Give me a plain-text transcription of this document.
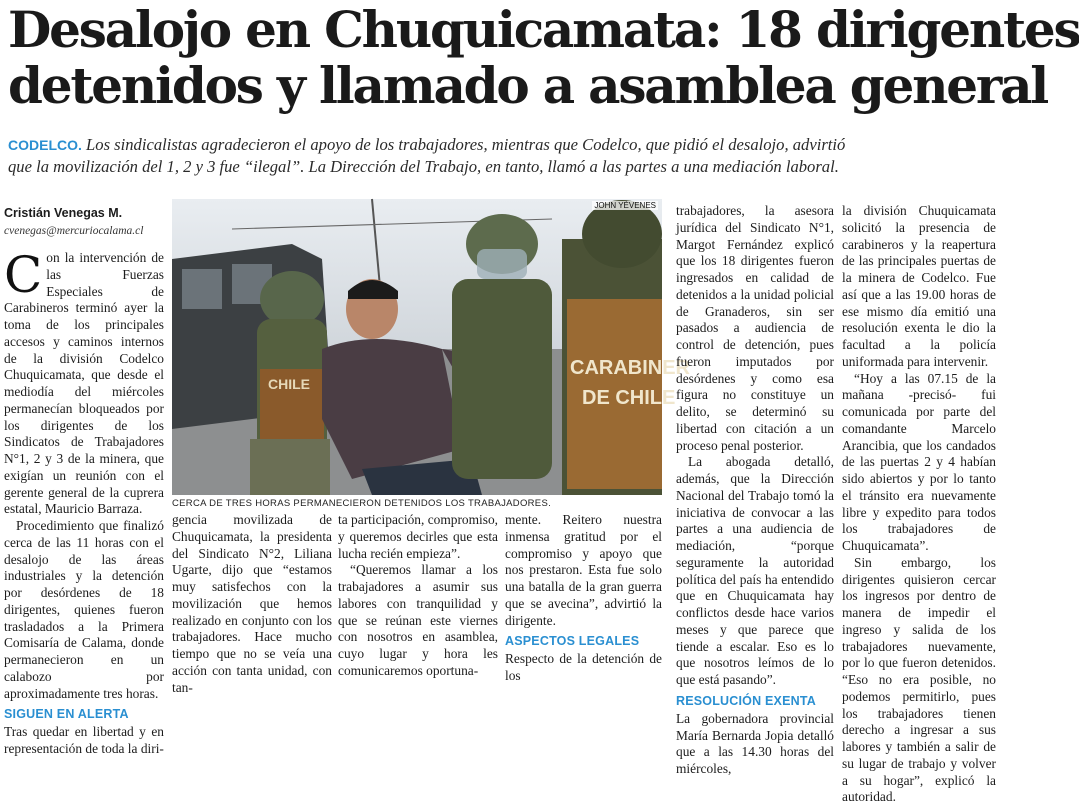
Desalojo en Chuquicamata: 18 dirigentes
detenidos y llamado a asamblea general

CODELCO. Los sindicalistas agradecieron el apoyo de los trabajadores, mientras que Codelco, que pidió el desalojo, advirtió
que la movilización del 1, 2 y 3 fue “ilegal”. La Dirección del Trabajo, en tanto, llamó a las partes a una mediación laboral.

Cristián Venegas M.
cvenegas@mercuriocalama.cl

Con la intervención de las Fuerzas Especiales de Carabineros terminó ayer la toma de los principales accesos y caminos internos de la división Codelco Chuquicamata, que desde el mediodía del miércoles permanecían bloqueados por los dirigentes de los Sindicatos de Trabajadores N°1, 2 y 3 de la minera, que exigían un reunión con el gerente general de la cuprera estatal, Mauricio Barraza.

Procedimiento que finalizó cerca de las 11 horas con el desalojo de las áreas industriales y la detención por desórdenes de 18 dirigentes, quienes fueron trasladados a la Primera Comisaría de Calama, donde permanecieron en un calabozo por aproximadamente tres horas.

SIGUEN EN ALERTA

Tras quedar en libertad y en representación de toda la diri-

CHILE
CARABINER
DE CHILE
JOHN YÉVENES

CERCA DE TRES HORAS PERMANECIERON DETENIDOS LOS TRABAJADORES.

gencia movilizada de Chuquicamata, la presidenta del Sindicato N°2, Liliana Ugarte, dijo que “estamos muy satisfechos con la movilización que hemos realizado en conjunto con los trabajadores. Hace mucho tiempo que no se veía una acción con tanta unidad, con tan-

ta participación, compromiso, y queremos decirles que esta lucha recién empieza”.

“Queremos llamar a los trabajadores a asumir sus labores con tranquilidad y que se reúnan este viernes con nosotros en asamblea, cuyo lugar y hora les comunicaremos oportuna-

mente. Reitero nuestra inmensa gratitud por el compromiso y apoyo que nos prestaron. Esta fue solo una batalla de la gran guerra que se avecina”, advirtió la dirigente.

ASPECTOS LEGALES

Respecto de la detención de los

trabajadores, la asesora jurídica del Sindicato N°1, Margot Fernández explicó que los 18 dirigentes fueron ingresados en calidad de detenidos a la unidad policial de Granaderos, sin ser pasados a audiencia de control de detención, pues fueron imputados por desórdenes y como esa figura no constituye un delito, se determinó su libertad con citación a un proceso penal posterior.

La abogada detalló, además, que la Dirección Nacional del Trabajo tomó la iniciativa de convocar a las partes a una audiencia de mediación, “porque seguramente la autoridad política del país ha entendido que en Chuquicamata hay conflictos desde hace varios meses y que parece que tiende a escalar. Eso es lo que nosotros leímos de lo que está pasando”.

RESOLUCIÓN EXENTA

La gobernadora provincial María Bernarda Jopia detalló que a las 14.30 horas del miércoles,

la división Chuquicamata solicitó la presencia de carabineros y la reapertura de las principales puertas de la minera de Codelco. Fue así que a las 19.00 horas de ese mismo día emitió una resolución exenta le dio la facultad a la policía uniformada para intervenir.

“Hoy a las 07.15 de la mañana -precisó- fui comunicada por parte del comandante Marcelo Arancibia, que los candados de las puertas 2 y 4 habían sido abiertos y por lo tanto el tránsito era nuevamente libre y expedito para todos los trabajadores de Chuquicamata”.

Sin embargo, los dirigentes quisieron cercar los ingresos por dentro de manera de impedir el ingreso y salida de los trabajadores nuevamente, por lo que fueron detenidos. “Eso no era posible, no podemos permitirlo, pues los trabajadores tienen derecho a ingresar a sus labores y también a salir de su lugar de trabajo y volver a su hogar”, explicó la autoridad.
